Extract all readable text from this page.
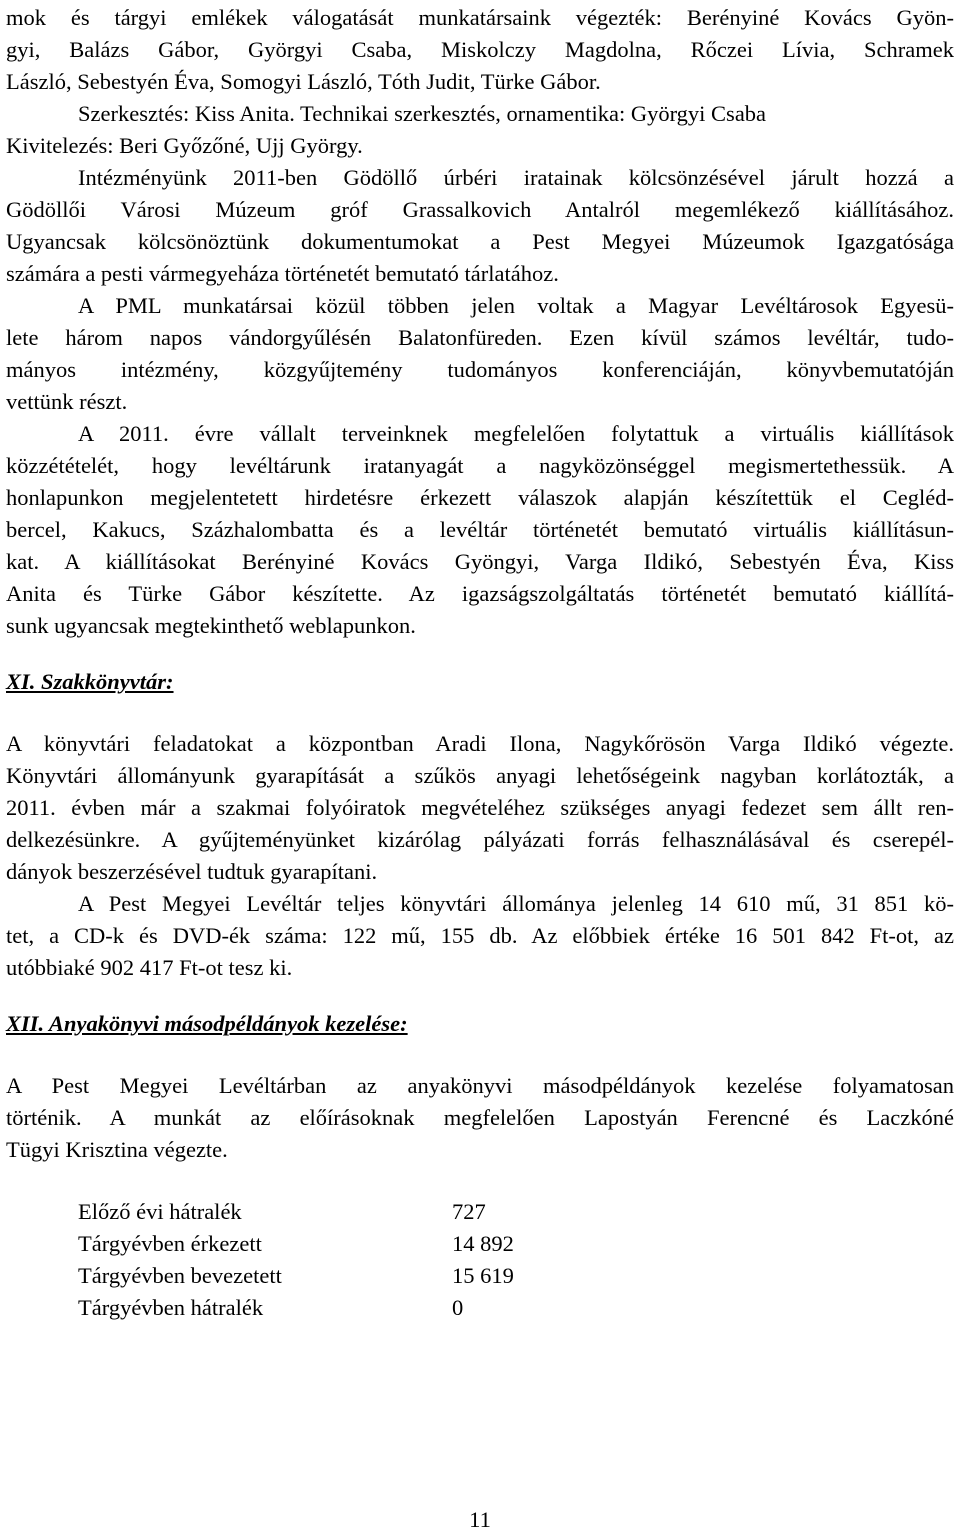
mok és tárgyi emlékek válogatását munkatársaink végezték: Berényiné Kovács Gyön-
gyi, Balázs Gábor, Györgyi Csaba, Miskolczy Magdolna, Rőczei Lívia, Schramek
László, Sebestyén Éva, Somogyi László, Tóth Judit, Türke Gábor.
Szerkesztés: Kiss Anita. Technikai szerkesztés, ornamentika: Györgyi Csaba
Kivitelezés: Beri Győzőné, Ujj György.
Intézményünk 2011-ben Gödöllő úrbéri iratainak kölcsönzésével járult hozzá a
Gödöllői Városi Múzeum gróf Grassalkovich Antalról megemlékező kiállításához.
Ugyancsak kölcsönöztünk dokumentumokat a Pest Megyei Múzeumok Igazgatósága
számára a pesti vármegyeháza történetét bemutató tárlatához.
A PML munkatársai közül többen jelen voltak a Magyar Levéltárosok Egyesü-
lete három napos vándorgyűlésén Balatonfüreden. Ezen kívül számos levéltár, tudo-
mányos intézmény, közgyűjtemény tudományos konferenciáján, könyvbemutatóján
vettünk részt.
A 2011. évre vállalt terveinknek megfelelően folytattuk a virtuális kiállítások
közzétételét, hogy levéltárunk iratanyagát a nagyközönséggel megismertethessük. A
honlapunkon megjelentetett hirdetésre érkezett válaszok alapján készítettük el Cegléd-
bercel, Kakucs, Százhalombatta és a levéltár történetét bemutató virtuális kiállításun-
kat. A kiállításokat Berényiné Kovács Gyöngyi, Varga Ildikó, Sebestyén Éva, Kiss
Anita és Türke Gábor készítette. Az igazságszolgáltatás történetét bemutató kiállítá-
sunk ugyancsak megtekinthető weblapunkon.
XI. Szakkönyvtár:
A könyvtári feladatokat a központban Aradi Ilona, Nagykőrösön Varga Ildikó végezte.
Könyvtári állományunk gyarapítását a szűkös anyagi lehetőségeink nagyban korlátozták, a
2011. évben már a szakmai folyóiratok megvételéhez szükséges anyagi fedezet sem állt ren-
delkezésünkre. A gyűjteményünket kizárólag pályázati forrás felhasználásával és cserepél-
dányok beszerzésével tudtuk gyarapítani.
A Pest Megyei Levéltár teljes könyvtári állománya jelenleg 14 610 mű, 31 851 kö-
tet, a CD-k és DVD-ék száma: 122 mű, 155 db. Az előbbiek értéke 16 501 842 Ft-ot, az
utóbbiaké 902 417 Ft-ot tesz ki.
XII. Anyakönyvi másodpéldányok kezelése:
A Pest Megyei Levéltárban az anyakönyvi másodpéldányok kezelése folyamatosan
történik. A munkát az előírásoknak megfelelően Lapostyán Ferencné és Laczkóné
Tügyi Krisztina végezte.
Előző évi hátralék	727
Tárgyévben érkezett	14 892
Tárgyévben bevezetett	15 619
Tárgyévben hátralék	0
11
